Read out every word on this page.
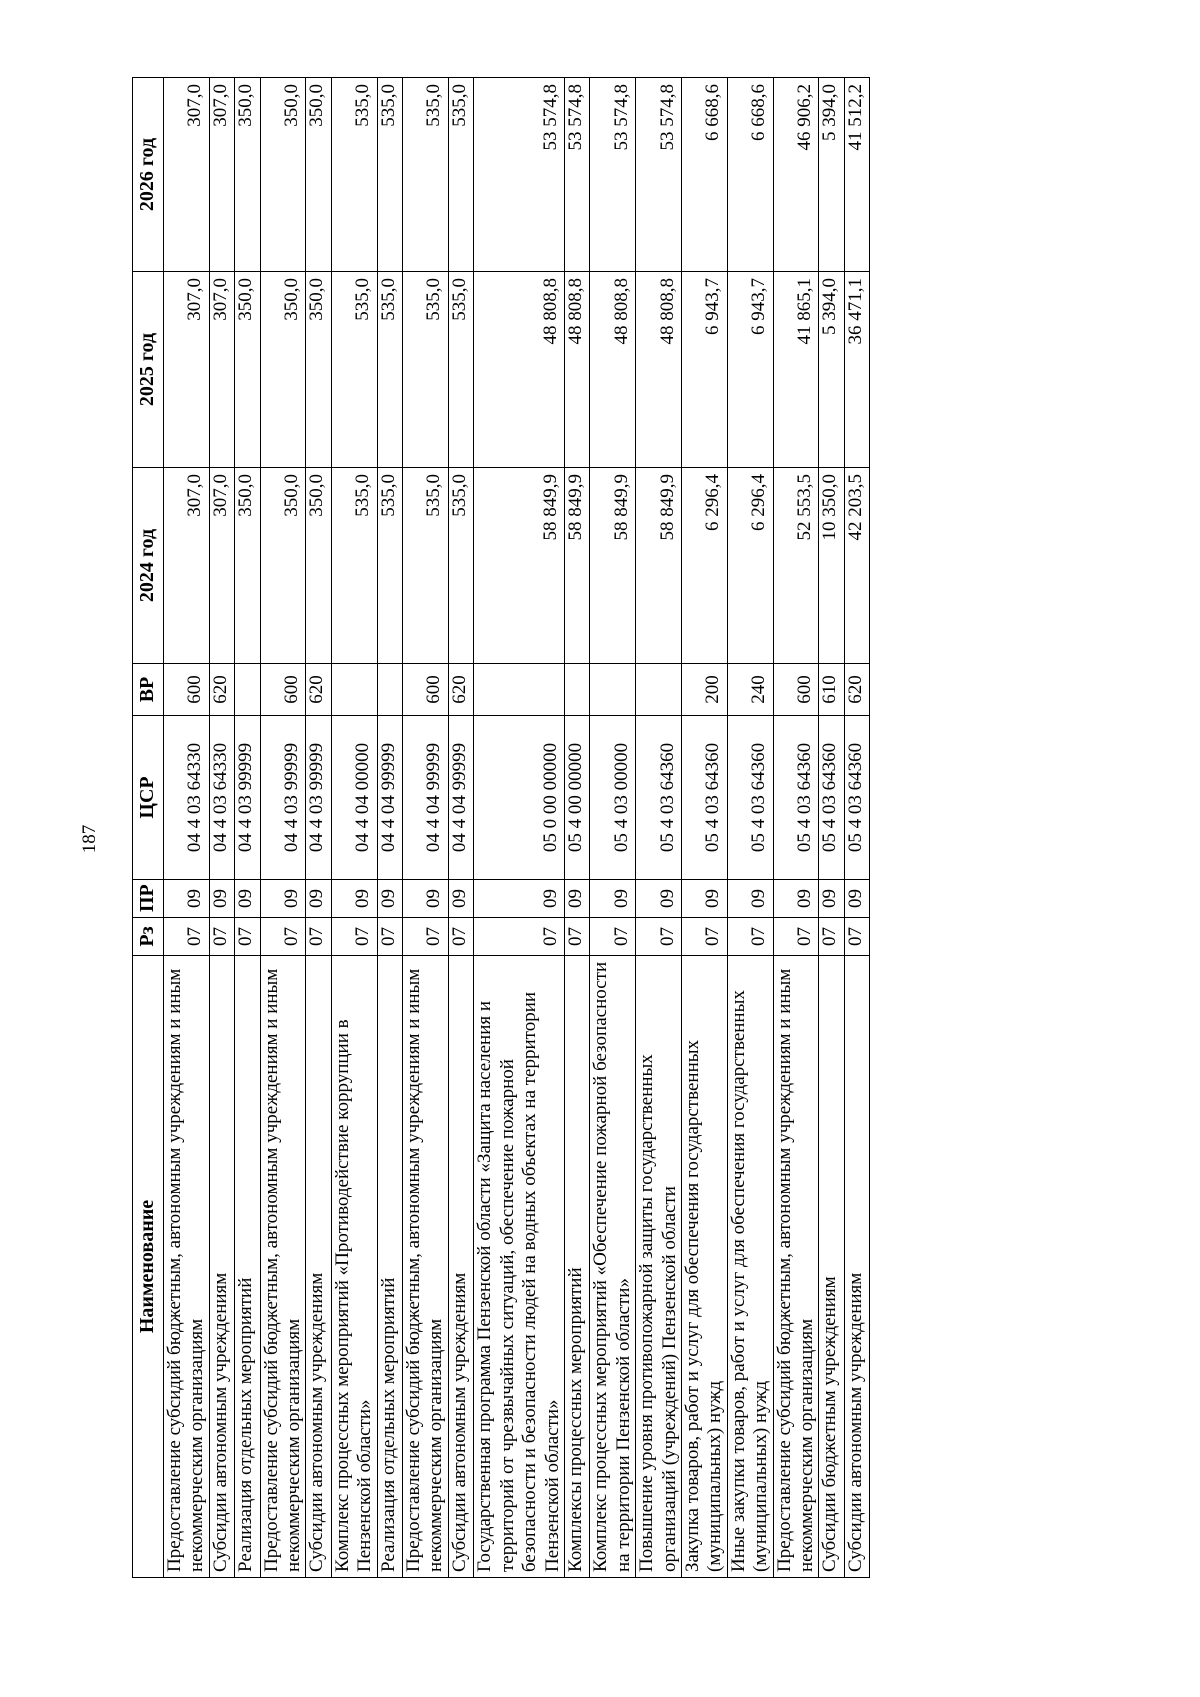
187
Наименование	Рз	ПР	ЦСР	ВР	2024 год	2025 год	2026 год
Предоставление субсидий бюджетным, автономным учреждениям и иным некоммерческим организациям	07	09	04 4 03 64330	600	307,0	307,0	307,0
Субсидии автономным учреждениям	07	09	04 4 03 64330	620	307,0	307,0	307,0
Реализация отдельных мероприятий	07	09	04 4 03 99999		350,0	350,0	350,0
Предоставление субсидий бюджетным, автономным учреждениям и иным некоммерческим организациям	07	09	04 4 03 99999	600	350,0	350,0	350,0
Субсидии автономным учреждениям	07	09	04 4 03 99999	620	350,0	350,0	350,0
Комплекс процессных мероприятий «Противодействие коррупции в Пензенской области»	07	09	04 4 04 00000		535,0	535,0	535,0
Реализация отдельных мероприятий	07	09	04 4 04 99999		535,0	535,0	535,0
Предоставление субсидий бюджетным, автономным учреждениям и иным некоммерческим организациям	07	09	04 4 04 99999	600	535,0	535,0	535,0
Субсидии автономным учреждениям	07	09	04 4 04 99999	620	535,0	535,0	535,0
Государственная программа Пензенской области «Защита населения и территорий от чрезвычайных ситуаций, обеспечение пожарной безопасности и безопасности людей на водных объектах на территории Пензенской области»	07	09	05 0 00 00000		58 849,9	48 808,8	53 574,8
Комплексы процессных мероприятий	07	09	05 4 00 00000		58 849,9	48 808,8	53 574,8
Комплекс процессных мероприятий «Обеспечение пожарной безопасности на территории Пензенской области»	07	09	05 4 03 00000		58 849,9	48 808,8	53 574,8
Повышение уровня противопожарной защиты государственных организаций (учреждений) Пензенской области	07	09	05 4 03 64360		58 849,9	48 808,8	53 574,8
Закупка товаров, работ и услуг для обеспечения государственных (муниципальных) нужд	07	09	05 4 03 64360	200	6 296,4	6 943,7	6 668,6
Иные закупки товаров, работ и услуг для обеспечения государственных (муниципальных) нужд	07	09	05 4 03 64360	240	6 296,4	6 943,7	6 668,6
Предоставление субсидий бюджетным, автономным учреждениям и иным некоммерческим организациям	07	09	05 4 03 64360	600	52 553,5	41 865,1	46 906,2
Субсидии бюджетным учреждениям	07	09	05 4 03 64360	610	10 350,0	5 394,0	5 394,0
Субсидии автономным учреждениям	07	09	05 4 03 64360	620	42 203,5	36 471,1	41 512,2
